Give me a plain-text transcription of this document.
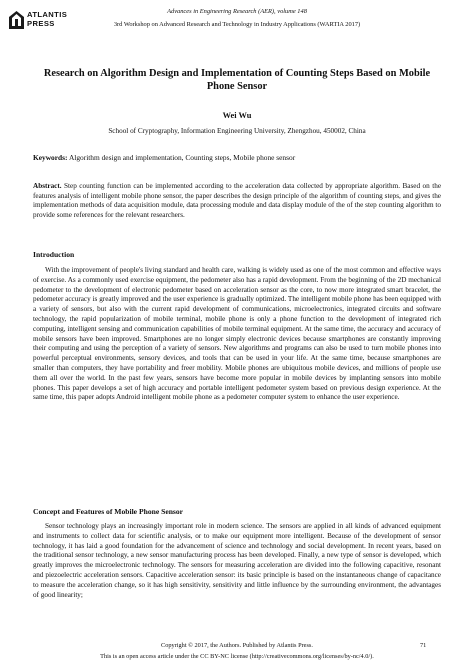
ATLANTIS
PRESS
Advances in Engineering Research (AER), volume 148
3rd Workshop on Advanced Research and Technology in Industry Applications (WARTIA 2017)
Research on Algorithm Design and Implementation of Counting Steps Based on Mobile Phone Sensor
Wei Wu
School of Cryptography, Information Engineering University, Zhengzhou, 450002, China
Keywords: Algorithm design and implementation, Counting steps, Mobile phone sensor
Abstract. Step counting function can be implemented according to the acceleration data collected by appropriate algorithm. Based on the features analysis of intelligent mobile phone sensor, the paper describes the design principle of the algorithm of counting steps, and gives the implementation methods of data acquisition module, data processing module and data display module of the of the step counting algorithm to provide some references for the relevant researchers.
Introduction
With the improvement of people's living standard and health care, walking is widely used as one of the most common and effective ways of exercise. As a commonly used exercise equipment, the pedometer also has a rapid development. From the beginning of the 2D mechanical pedometer to the development of electronic pedometer based on acceleration sensor as the core, to now more integrated smart bracelet, the pedometer accuracy is greatly improved and the user experience is gradually optimized. The intelligent mobile phone has been equipped with a variety of sensors, but also with the current rapid development of communications, microelectronics, integrated circuits and software technology, the rapid popularization of mobile terminal, mobile phone is only a phone function to the development of integrated rich computing, intelligent sensing and communication capabilities of mobile terminal equipment. At the same time, the accuracy and accuracy of mobile sensors have been improved. Smartphones are no longer simply electronic devices because smartphones are constantly improving their computing and using the perception of a variety of sensors. New algorithms and programs can also be used to turn mobile phones into powerful perceptual environments, sensory devices, and tools that can be used in your life. At the same time, because smartphones are smaller than computers, they have portability and freer mobility. Mobile phones are ubiquitous mobile devices, and millions of people use them all over the world. In the past few years, sensors have become more popular in mobile devices by implanting sensors into mobile phones. This paper develops a set of high accuracy and portable intelligent pedometer system based on previous design experience. At the same time, this paper adopts Android intelligent mobile phone as a pedometer computer system to enhance the user experience.
Concept and Features of Mobile Phone Sensor
Sensor technology plays an increasingly important role in modern science. The sensors are applied in all kinds of advanced equipment and instruments to collect data for scientific analysis, or to make our equipment more intelligent. Because of the development of sensor technology, it has laid a good foundation for the advancement of science and technology and social development. In recent years, based on the traditional sensor technology, a new sensor manufacturing process has been developed. Finally, a new type of sensor is developed, which greatly improves the microelectronic technology. The sensors for measuring acceleration are divided into the following capacitive, resonant and piezoelectric acceleration sensors. Capacitive acceleration sensor: its basic principle is based on the instantaneous change of capacitance to measure the acceleration change, so it has high sensitivity, sensitivity and little influence by the surrounding environment, the advantages of good linearity;
Copyright © 2017, the Authors. Published by Atlantis Press.	71
This is an open access article under the CC BY-NC license (http://creativecommons.org/licenses/by-nc/4.0/).
